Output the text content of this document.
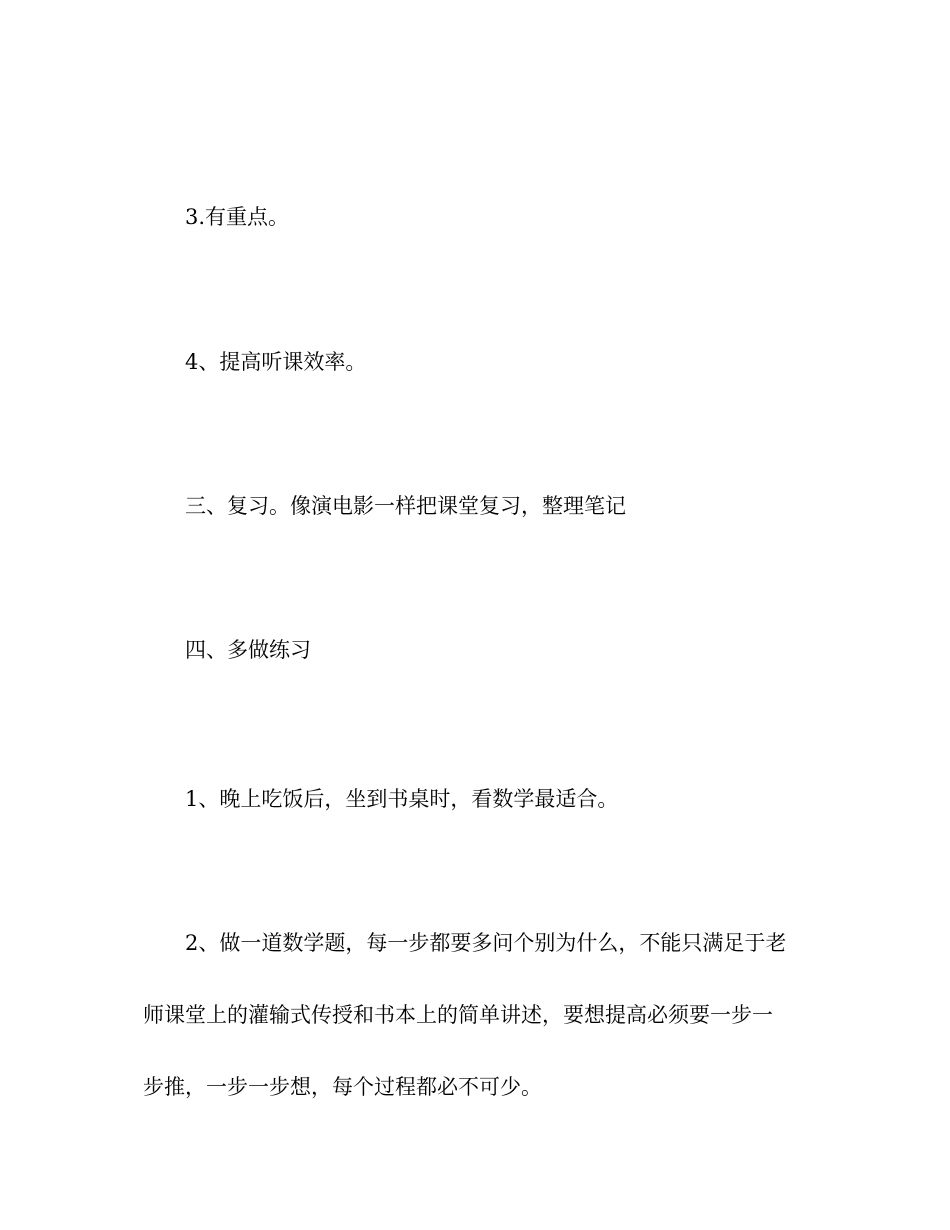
3.有重点。

4、提高听课效率。

三、复习。像演电影一样把课堂复习，整理笔记

四、多做练习

1、晚上吃饭后，坐到书桌时，看数学最适合。

2、做一道数学题，每一步都要多问个别为什么，不能只满足于老
师课堂上的灌输式传授和书本上的简单讲述，要想提高必须要一步一
步推，一步一步想，每个过程都必不可少。
